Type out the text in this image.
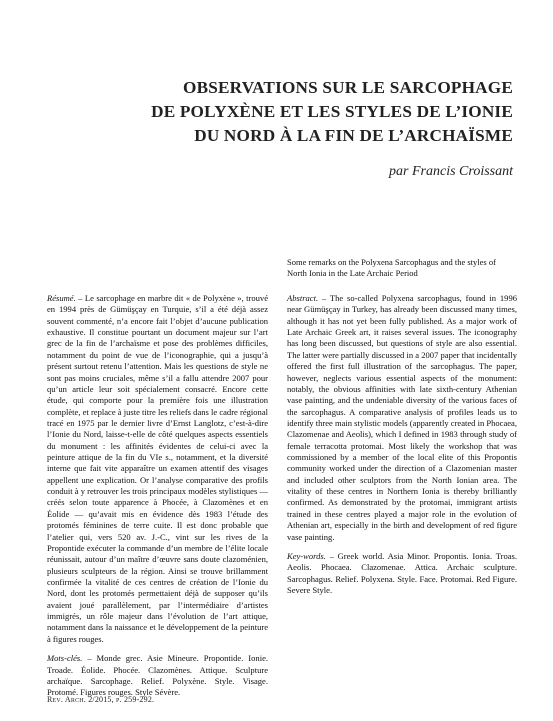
OBSERVATIONS SUR LE SARCOPHAGE
DE POLYXÈNE ET LES STYLES DE L’IONIE
DU NORD À LA FIN DE L’ARCHAÏSME
par Francis Croissant
Some remarks on the Polyxena Sarcophagus and the styles of North Ionia in the Late Archaic Period

Résumé. – Le sarcophage en marbre dit « de Polyxène », trouvé en 1994 près de Gümüşçay en Turquie, s’il a été déjà assez souvent commenté, n’a encore fait l’objet d’aucune publication exhaustive. Il constitue pourtant un document majeur sur l’art grec de la fin de l’archaïsme et pose des problèmes difficiles, notamment du point de vue de l’iconographie, qui a jusqu’à présent surtout retenu l’attention. Mais les questions de style ne sont pas moins cruciales, même s’il a fallu attendre 2007 pour qu’un article leur soit spécialement consacré. Encore cette étude, qui comporte pour la première fois une illustration complète, et replace à juste titre les reliefs dans le cadre régional tracé en 1975 par le dernier livre d’Ernst Langlotz, c’est-à-dire l’Ionie du Nord, laisse-t-elle de côté quelques aspects essentiels du monument : les affinités évidentes de celui-ci avec la peinture attique de la fin du VIe s., notamment, et la diversité interne que fait vite apparaître un examen attentif des visages appellent une explication. Or l’analyse comparative des profils conduit à y retrouver les trois principaux modèles stylistiques — créés selon toute apparence à Phocée, à Clazomènes et en Éolide — qu’avait mis en évidence dès 1983 l’étude des protomés féminines de terre cuite. Il est donc probable que l’atelier qui, vers 520 av. J.-C., vint sur les rives de la Propontide exécuter la commande d’un membre de l’élite locale réunissait, autour d’un maître d’œuvre sans doute clazoménien, plusieurs sculpteurs de la région. Ainsi se trouve brillamment confirmée la vitalité de ces centres de création de l’Ionie du Nord, dont les protomés permettaient déjà de supposer qu’ils avaient joué parallèlement, par l’intermédiaire d’artistes immigrés, un rôle majeur dans l’évolution de l’art attique, notamment dans la naissance et le développement de la peinture à figures rouges.

Mots-clés. – Monde grec. Asie Mineure. Propontide. Ionie. Troade. Éolide. Phocée. Clazomènes. Attique. Sculpture archaïque. Sarcophage. Relief. Polyxène. Style. Visage. Protomé. Figures rouges. Style Sévère.

Abstract. – The so-called Polyxena sarcophagus, found in 1996 near Gümüşçay in Turkey, has already been discussed many times, although it has not yet been fully published. As a major work of Late Archaic Greek art, it raises several issues. The iconography has long been discussed, but questions of style are also essential. The latter were partially discussed in a 2007 paper that incidentally offered the first full illustration of the sarcophagus. The paper, however, neglects various essential aspects of the monument: notably, the obvious affinities with late sixth-century Athenian vase painting, and the undeniable diversity of the various faces of the sarcophagus. A comparative analysis of profiles leads us to identify three main stylistic models (apparently created in Phocaea, Clazomenae and Aeolis), which I defined in 1983 through study of female terracotta protomai. Most likely the workshop that was commissioned by a member of the local elite of this Propontis community worked under the direction of a Clazomenian master and included other sculptors from the North Ionian area. The vitality of these centres in Northern Ionia is thereby brilliantly confirmed. As demonstrated by the protomai, immigrant artists trained in these centres played a major role in the evolution of Athenian art, especially in the birth and development of red figure vase painting.

Key-words. – Greek world. Asia Minor. Propontis. Ionia. Troas. Aeolis. Phocaea. Clazomenae. Attica. Archaic sculpture. Sarcophagus. Relief. Polyxena. Style. Face. Protomai. Red Figure. Severe Style.

Rev. Arch. 2/2015, p. 259-292.
